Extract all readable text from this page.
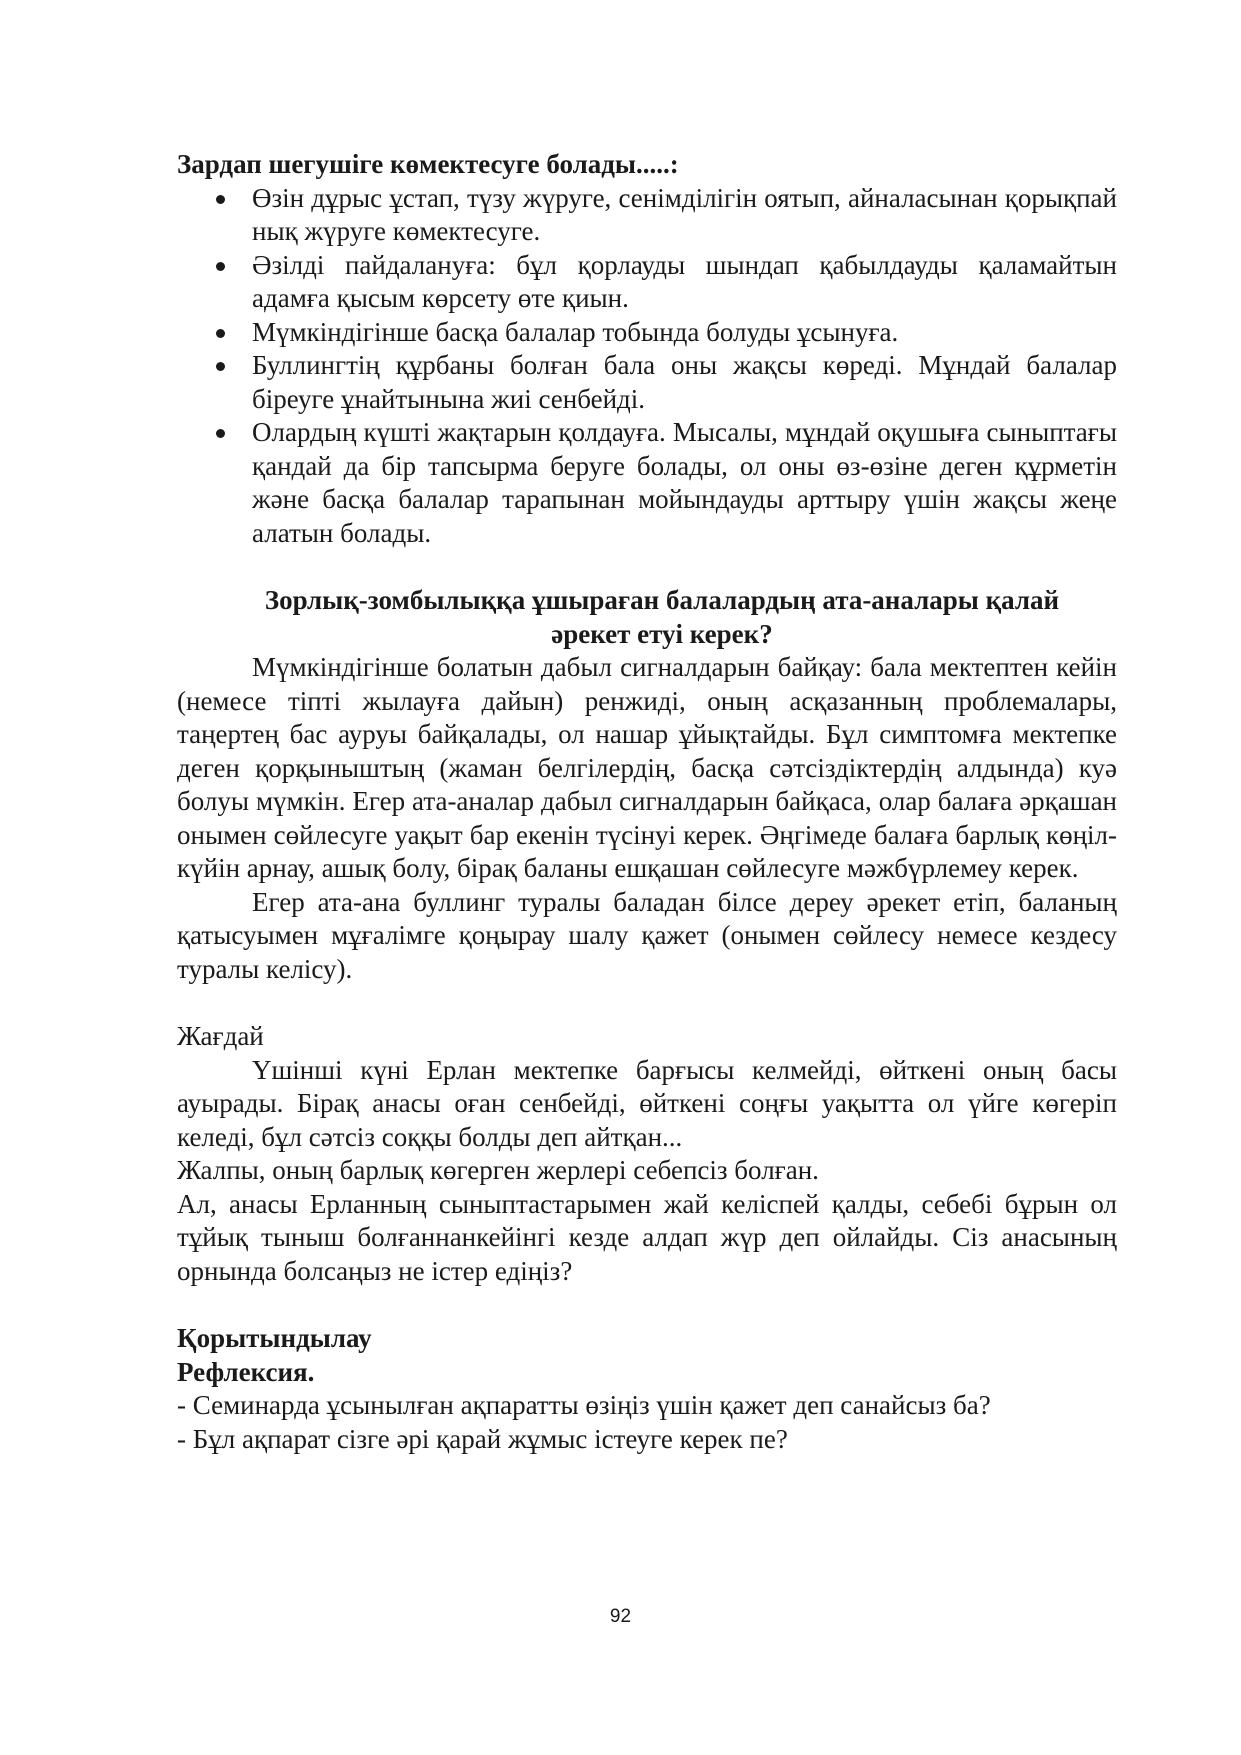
Зардап шегушіге көмектесуге болады.....:

Өзін дұрыс ұстап, түзу жүруге, сенімділігін оятып, айналасынан қорықпай нық жүруге көмектесуге.
Әзілді пайдалануға: бұл қорлауды шындап қабылдауды қаламайтын адамға қысым көрсету өте қиын.
Мүмкіндігінше басқа балалар тобында болуды ұсынуға.
Буллингтің құрбаны болған бала оны жақсы көреді. Мұндай балалар біреуге ұнайтынына жиі сенбейді.
Олардың күшті жақтарын қолдауға. Мысалы, мұндай оқушыға сыныптағы қандай да бір тапсырма беруге болады, ол оны өз-өзіне деген құрметін және басқа балалар тарапынан мойындауды арттыру үшін жақсы жеңе алатын болады.

Зорлық-зомбылыққа ұшыраған балалардың ата-аналары қалай

әрекет етуі керек?

Мүмкіндігінше болатын дабыл сигналдарын байқау: бала мектептен кейін (немесе тіпті жылауға дайын) ренжиді, оның асқазанның проблемалары, таңертең бас ауруы байқалады, ол нашар ұйықтайды. Бұл симптомға мектепке деген қорқыныштың (жаман белгілердің, басқа сәтсіздіктердің алдында) куә болуы мүмкін. Егер ата-аналар дабыл сигналдарын байқаса, олар балаға әрқашан онымен сөйлесуге уақыт бар екенін түсінуі керек. Әңгімеде балаға барлық көңіл-күйін арнау, ашық болу, бірақ баланы ешқашан сөйлесуге мәжбүрлемеу керек.

Егер ата-ана буллинг туралы баладан білсе дереу әрекет етіп, баланың қатысуымен мұғалімге қоңырау шалу қажет (онымен сөйлесу немесе кездесу туралы келісу).

Жағдай

Үшінші күні Ерлан мектепке барғысы келмейді, өйткені оның басы ауырады. Бірақ анасы оған сенбейді, өйткені соңғы уақытта ол үйге көгеріп келеді, бұл сәтсіз соққы болды деп айтқан...

Жалпы, оның барлық көгерген жерлері себепсіз болған.

Ал, анасы Ерланның сыныптастарымен жай келіспей қалды, себебі бұрын ол тұйық тыныш болғаннанкейінгі кезде алдап жүр деп ойлайды. Сіз анасының орнында болсаңыз не істер едіңіз?

Қорытындылау

Рефлексия.

- Семинарда ұсынылған ақпаратты өзіңіз үшін қажет деп санайсыз ба?

- Бұл ақпарат сізге әрі қарай жұмыс істеуге керек пе?

92
